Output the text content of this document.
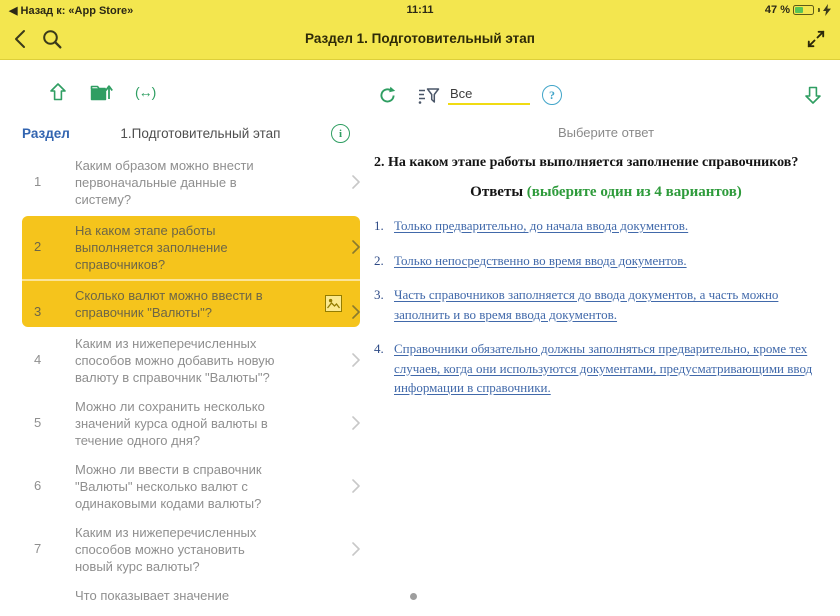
◀ Назад к: «App Store»	11:11	47 %
Раздел 1. Подготовительный этап
(↔)
Раздел	1.Подготовительный этап	i
1
Каким образом можно внести первоначальные данные в систему?
2
На каком этапе работы выполняется заполнение справочников?
3
Сколько валют можно ввести в справочник "Валюты"?
4
Каким из нижеперечисленных способов можно добавить новую валюту в справочник "Валюты"?
5
Можно ли сохранить несколько значений курса одной валюты в течение одного дня?
6
Можно ли ввести в справочник "Валюты" несколько валют с одинаковыми кодами валюты?
7
Каким из нижеперечисленных способов можно установить новый курс валюты?
Что показывает значение
Все	?
Выберите ответ
2. На каком этапе работы выполняется заполнение справочников?
Ответы (выберите один из 4 вариантов)
1. Только предварительно, до начала ввода документов.
2. Только непосредственно во время ввода документов.
3. Часть справочников заполняется до ввода документов, а часть можно заполнить и во время ввода документов.
4. Справочники обязательно должны заполняться предварительно, кроме тех случаев, когда они используются документами, предусматривающими ввод информации в справочники.
